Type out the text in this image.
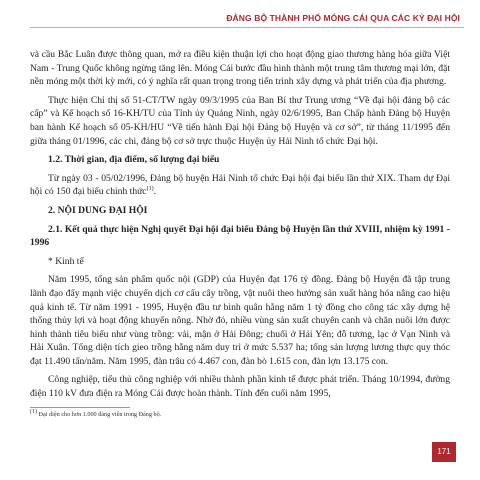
ĐẢNG BỘ THÀNH PHỐ MÓNG CÁI QUA CÁC KỲ ĐẠI HỘI

và cầu Bắc Luân được thông quan, mở ra điều kiện thuận lợi cho hoạt động giao thương hàng hóa giữa Việt Nam - Trung Quốc không ngừng tăng lên. Móng Cái bước đầu hình thành một trung tâm thương mại lớn, đặt nền móng một thời kỳ mới, có ý nghĩa rất quan trọng trong tiến trình xây dựng và phát triển của địa phương.

Thực hiện Chỉ thị số 51-CT/TW ngày 09/3/1995 của Ban Bí thư Trung ương “Về đại hội đảng bộ các cấp” và Kế hoạch số 16-KH/TU của Tỉnh ủy Quảng Ninh, ngày 02/6/1995, Ban Chấp hành Đảng bộ Huyện ban hành Kế hoạch số 05-KH/HU “Về tiến hành Đại hội Đảng bộ Huyện và cơ sở”, từ tháng 11/1995 đến giữa tháng 01/1996, các chi, đảng bộ cơ sở trực thuộc Huyện ủy Hải Ninh tổ chức Đại hội.

1.2. Thời gian, địa điểm, số lượng đại biểu

Từ ngày 03 - 05/02/1996, Đảng bộ huyện Hải Ninh tổ chức Đại hội đại biểu lần thứ XIX. Tham dự Đại hội có 150 đại biểu chính thức$^{(1)}$.

2. NỘI DUNG ĐẠI HỘI

2.1. Kết quả thực hiện Nghị quyết Đại hội đại biểu Đảng bộ Huyện lần thứ XVIII, nhiệm kỳ 1991 - 1996

* Kinh tế

Năm 1995, tổng sản phẩm quốc nội (GDP) của Huyện đạt 176 tỷ đồng. Đảng bộ Huyện đã tập trung lãnh đạo đẩy mạnh việc chuyển dịch cơ cấu cây trồng, vật nuôi theo hướng sản xuất hàng hóa nâng cao hiệu quả kinh tế. Từ năm 1991 - 1995, Huyện đầu tư bình quân hằng năm 1 tỷ đồng cho công tác xây dựng hệ thống thủy lợi và hoạt động khuyến nông. Nhờ đó, nhiều vùng sản xuất chuyên canh và chăn nuôi lớn được hình thành tiêu biểu như vùng trồng: vải, mận ở Hải Đông; chuối ở Hải Yên; đỗ tương, lạc ở Vạn Ninh và Hải Xuân. Tổng diện tích gieo trồng hằng năm duy trì ở mức 5.537 ha; tổng sản lượng lương thực quy thóc đạt 11.490 tấn/năm. Năm 1995, đàn trâu có 4.467 con, đàn bò 1.615 con, đàn lợn 13.175 con.

Công nghiệp, tiểu thủ công nghiệp với nhiều thành phần kinh tế được phát triển. Tháng 10/1994, đường điện 110 kV đưa điện ra Móng Cái được hoàn thành. Tính đến cuối năm 1995,

$^{(1)}$ Đại diện cho hơn 1.000 đảng viên trong Đảng bộ.
171
